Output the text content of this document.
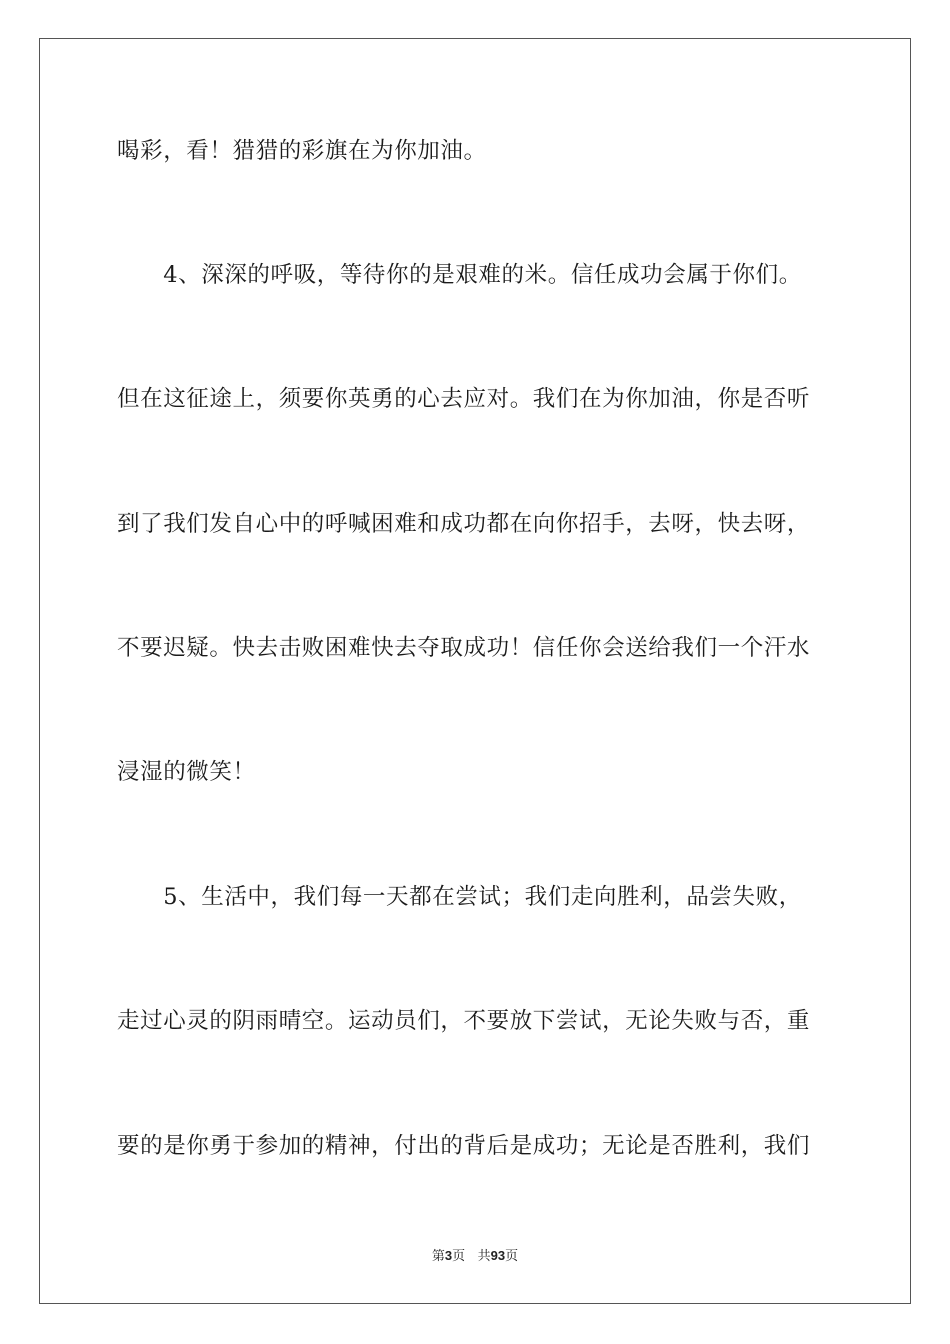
喝彩，看！猎猎的彩旗在为你加油。
　　4、深深的呼吸，等待你的是艰难的米。信任成功会属于你们。
但在这征途上，须要你英勇的心去应对。我们在为你加油，你是否听
到了我们发自心中的呼喊困难和成功都在向你招手，去呀，快去呀，
不要迟疑。快去击败困难快去夺取成功！信任你会送给我们一个汗水
浸湿的微笑！
　　5、生活中，我们每一天都在尝试；我们走向胜利，品尝失败，
走过心灵的阴雨晴空。运动员们，不要放下尝试，无论失败与否，重
要的是你勇于参加的精神，付出的背后是成功；无论是否胜利，我们
第3页 共93页
